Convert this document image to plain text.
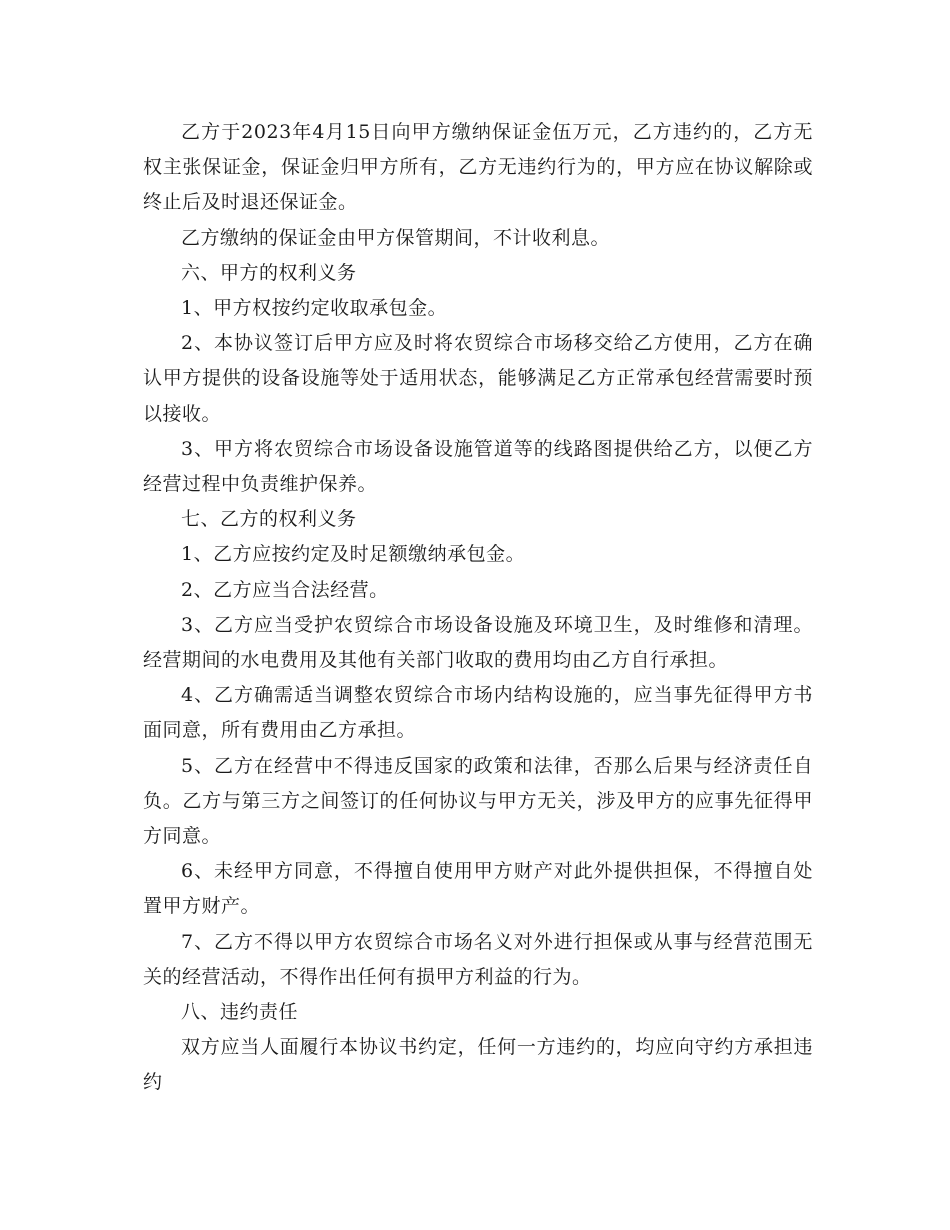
乙方于2023年4月15日向甲方缴纳保证金伍万元，乙方违约的，乙方无权主张保证金，保证金归甲方所有，乙方无违约行为的，甲方应在协议解除或终止后及时退还保证金。

乙方缴纳的保证金由甲方保管期间，不计收利息。

六、甲方的权利义务

1、甲方权按约定收取承包金。

2、本协议签订后甲方应及时将农贸综合市场移交给乙方使用，乙方在确认甲方提供的设备设施等处于适用状态，能够满足乙方正常承包经营需要时预以接收。

3、甲方将农贸综合市场设备设施管道等的线路图提供给乙方，以便乙方经营过程中负责维护保养。

七、乙方的权利义务

1、乙方应按约定及时足额缴纳承包金。

2、乙方应当合法经营。

3、乙方应当受护农贸综合市场设备设施及环境卫生，及时维修和清理。经营期间的水电费用及其他有关部门收取的费用均由乙方自行承担。

4、乙方确需适当调整农贸综合市场内结构设施的，应当事先征得甲方书面同意，所有费用由乙方承担。

5、乙方在经营中不得违反国家的政策和法律，否那么后果与经济责任自负。乙方与第三方之间签订的任何协议与甲方无关，涉及甲方的应事先征得甲方同意。

6、未经甲方同意，不得擅自使用甲方财产对此外提供担保，不得擅自处置甲方财产。

7、乙方不得以甲方农贸综合市场名义对外进行担保或从事与经营范围无关的经营活动，不得作出任何有损甲方利益的行为。

八、违约责任

双方应当人面履行本协议书约定，任何一方违约的，均应向守约方承担违约
